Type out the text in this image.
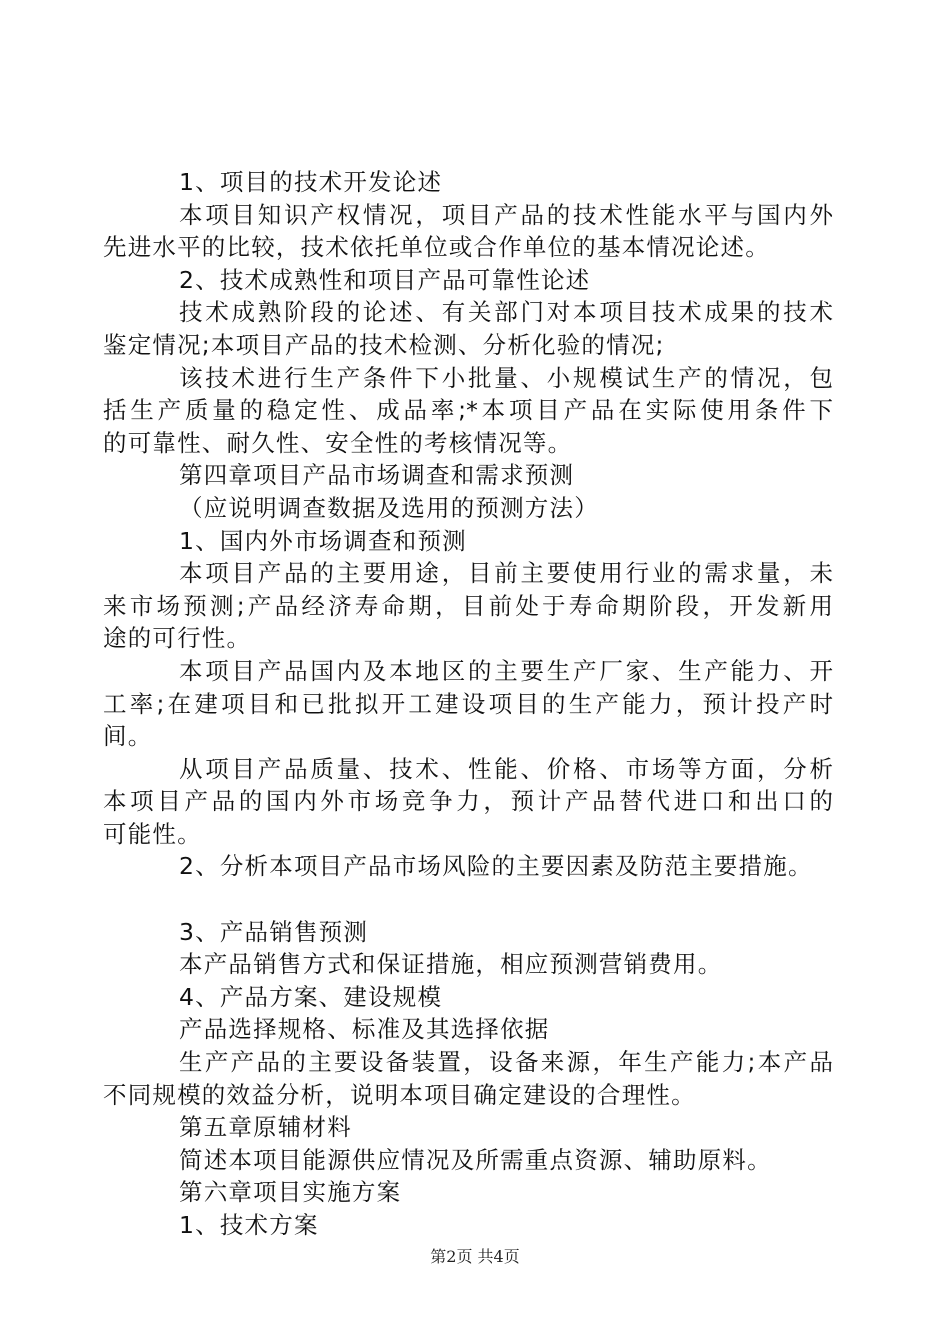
1、项目的技术开发论述
本项目知识产权情况，项目产品的技术性能水平与国内外
先进水平的比较，技术依托单位或合作单位的基本情况论述。
2、技术成熟性和项目产品可靠性论述
技术成熟阶段的论述、有关部门对本项目技术成果的技术
鉴定情况;本项目产品的技术检测、分析化验的情况;
该技术进行生产条件下小批量、小规模试生产的情况，包
括生产质量的稳定性、成品率;*本项目产品在实际使用条件下
的可靠性、耐久性、安全性的考核情况等。
第四章项目产品市场调查和需求预测
（应说明调查数据及选用的预测方法）
1、国内外市场调查和预测
本项目产品的主要用途，目前主要使用行业的需求量，未
来市场预测;产品经济寿命期，目前处于寿命期阶段，开发新用
途的可行性。
本项目产品国内及本地区的主要生产厂家、生产能力、开
工率;在建项目和已批拟开工建设项目的生产能力，预计投产时
间。
从项目产品质量、技术、性能、价格、市场等方面，分析
本项目产品的国内外市场竞争力，预计产品替代进口和出口的
可能性。
2、分析本项目产品市场风险的主要因素及防范主要措施。
3、产品销售预测
本产品销售方式和保证措施，相应预测营销费用。
4、产品方案、建设规模
产品选择规格、标准及其选择依据
生产产品的主要设备装置，设备来源，年生产能力;本产品
不同规模的效益分析，说明本项目确定建设的合理性。
第五章原辅材料
简述本项目能源供应情况及所需重点资源、辅助原料。
第六章项目实施方案
1、技术方案
第2页 共4页
